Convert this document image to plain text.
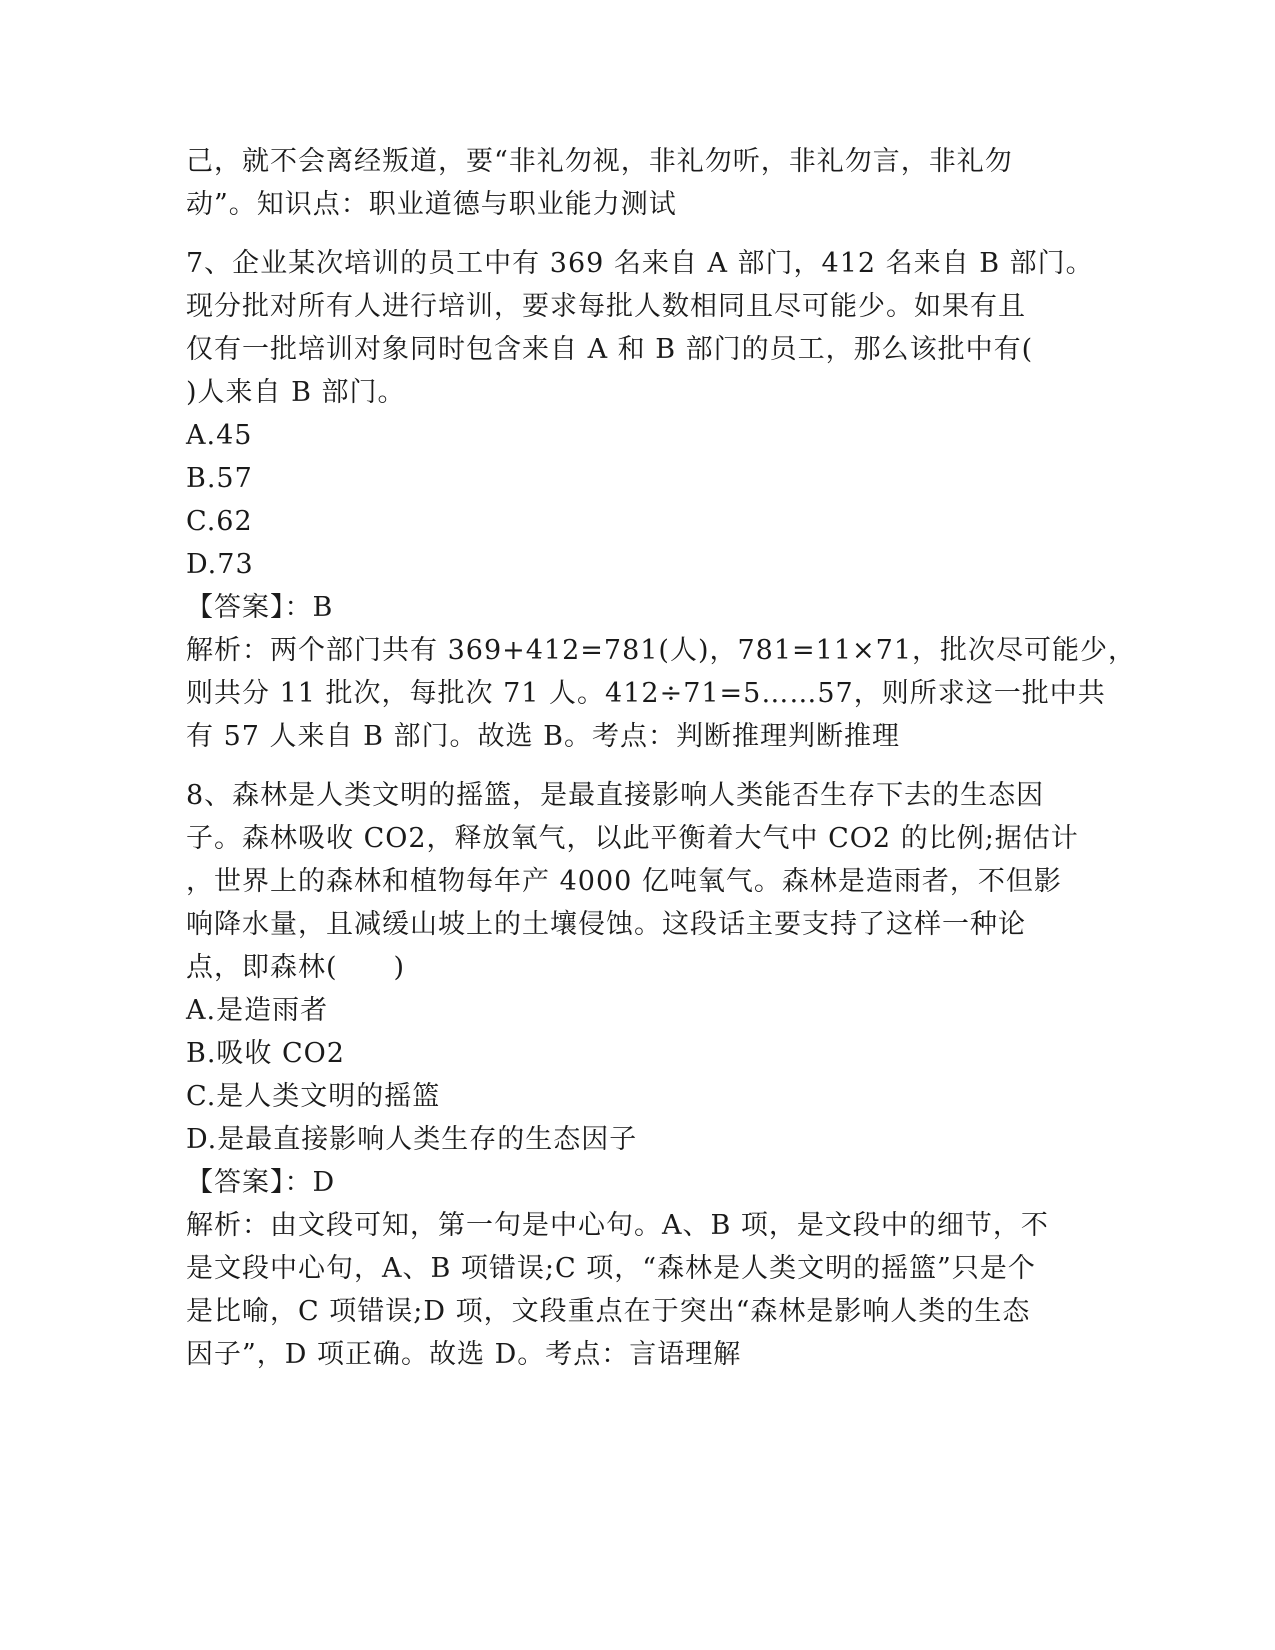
己，就不会离经叛道，要“非礼勿视，非礼勿听，非礼勿言，非礼勿
动”。知识点：职业道德与职业能力测试
7、企业某次培训的员工中有 369 名来自 A 部门，412 名来自 B 部门。
现分批对所有人进行培训，要求每批人数相同且尽可能少。如果有且
仅有一批培训对象同时包含来自 A 和 B 部门的员工，那么该批中有(
)人来自 B 部门。
A.45
B.57
C.62
D.73
【答案】：B
解析：两个部门共有 369+412=781(人)，781=11×71，批次尽可能少，
则共分 11 批次，每批次 71 人。412÷71=5……57，则所求这一批中共
有 57 人来自 B 部门。故选 B。考点：判断推理判断推理
8、森林是人类文明的摇篮，是最直接影响人类能否生存下去的生态因
子。森林吸收 CO2，释放氧气，以此平衡着大气中 CO2 的比例;据估计
，世界上的森林和植物每年产 4000 亿吨氧气。森林是造雨者，不但影
响降水量，且减缓山坡上的土壤侵蚀。这段话主要支持了这样一种论
点，即森林(　　)
A.是造雨者
B.吸收 CO2
C.是人类文明的摇篮
D.是最直接影响人类生存的生态因子
【答案】：D
解析：由文段可知，第一句是中心句。A、B 项，是文段中的细节，不
是文段中心句，A、B 项错误;C 项，“森林是人类文明的摇篮”只是个
是比喻，C 项错误;D 项，文段重点在于突出“森林是影响人类的生态
因子”，D 项正确。故选 D。考点：言语理解
